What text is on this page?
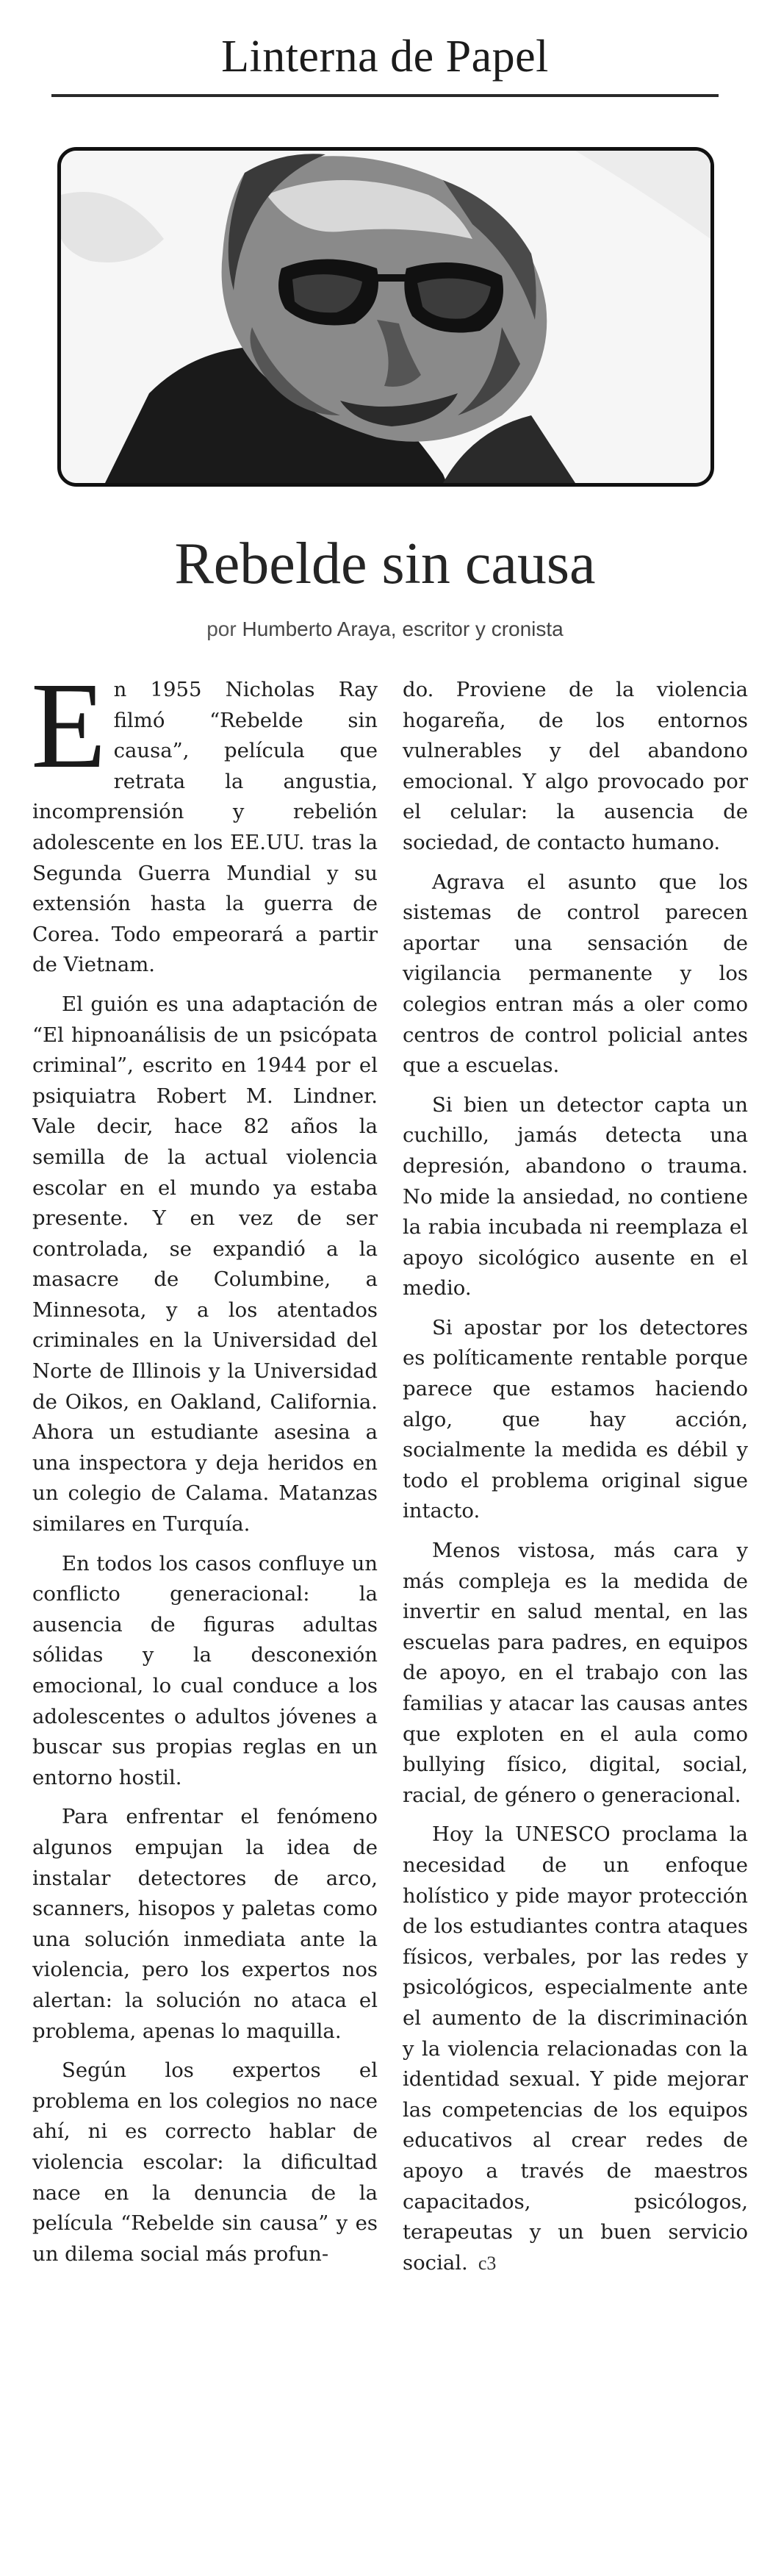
Linterna de Papel
Rebelde sin causa
por Humberto Araya, escritor y cronista

En 1955 Nicholas Ray filmó “Rebelde sin causa”, película que retrata la angustia, incomprensión y rebelión adolescente en los EE.UU. tras la Segunda Guerra Mundial y su extensión hasta la guerra de Corea. Todo empeorará a partir de Vietnam.

El guión es una adaptación de “El hipnoanálisis de un psicópata criminal”, escrito en 1944 por el psiquiatra Robert M. Lindner. Vale decir, hace 82 años la semilla de la actual violencia escolar en el mundo ya estaba presente. Y en vez de ser controlada, se expandió a la masacre de Columbine, a Minnesota, y a los atentados criminales en la Universidad del Norte de Illinois y la Universidad de Oikos, en Oakland, California. Ahora un estudiante asesina a una inspectora y deja heridos en un colegio de Calama. Matanzas similares en Turquía.

En todos los casos confluye un conflicto generacional: la ausencia de figuras adultas sólidas y la desconexión emocional, lo cual conduce a los adolescentes o adultos jóvenes a buscar sus propias reglas en un entorno hostil.

Para enfrentar el fenómeno algunos empujan la idea de instalar detectores de arco, scanners, hisopos y paletas como una solución inmediata ante la violencia, pero los expertos nos alertan: la solución no ataca el problema, apenas lo maquilla.

Según los expertos el problema en los colegios no nace ahí, ni es correcto hablar de violencia escolar: la dificultad nace en la denuncia de la película “Rebelde sin causa” y es un dilema social más profun-

do. Proviene de la violencia hogareña, de los entornos vulnerables y del abandono emocional. Y algo provocado por el celular: la ausencia de sociedad, de contacto humano.

Agrava el asunto que los sistemas de control parecen aportar una sensación de vigilancia permanente y los colegios entran más a oler como centros de control policial antes que a escuelas.

Si bien un detector capta un cuchillo, jamás detecta una depresión, abandono o trauma. No mide la ansiedad, no contiene la rabia incubada ni reemplaza el apoyo sicológico ausente en el medio.

Si apostar por los detectores es políticamente rentable porque parece que estamos haciendo algo, que hay acción, socialmente la medida es débil y todo el problema original sigue intacto.

Menos vistosa, más cara y más compleja es la medida de invertir en salud mental, en las escuelas para padres, en equipos de apoyo, en el trabajo con las familias y atacar las causas antes que exploten en el aula como bullying físico, digital, social, racial, de género o generacional.

Hoy la UNESCO proclama la necesidad de un enfoque holístico y pide mayor protección de los estudiantes contra ataques físicos, verbales, por las redes y psicológicos, especialmente ante el aumento de la discriminación y la violencia relacionadas con la identidad sexual. Y pide mejorar las competencias de los equipos educativos al crear redes de apoyo a través de maestros capacitados, psicólogos, terapeutas y un buen servicio social. c3
